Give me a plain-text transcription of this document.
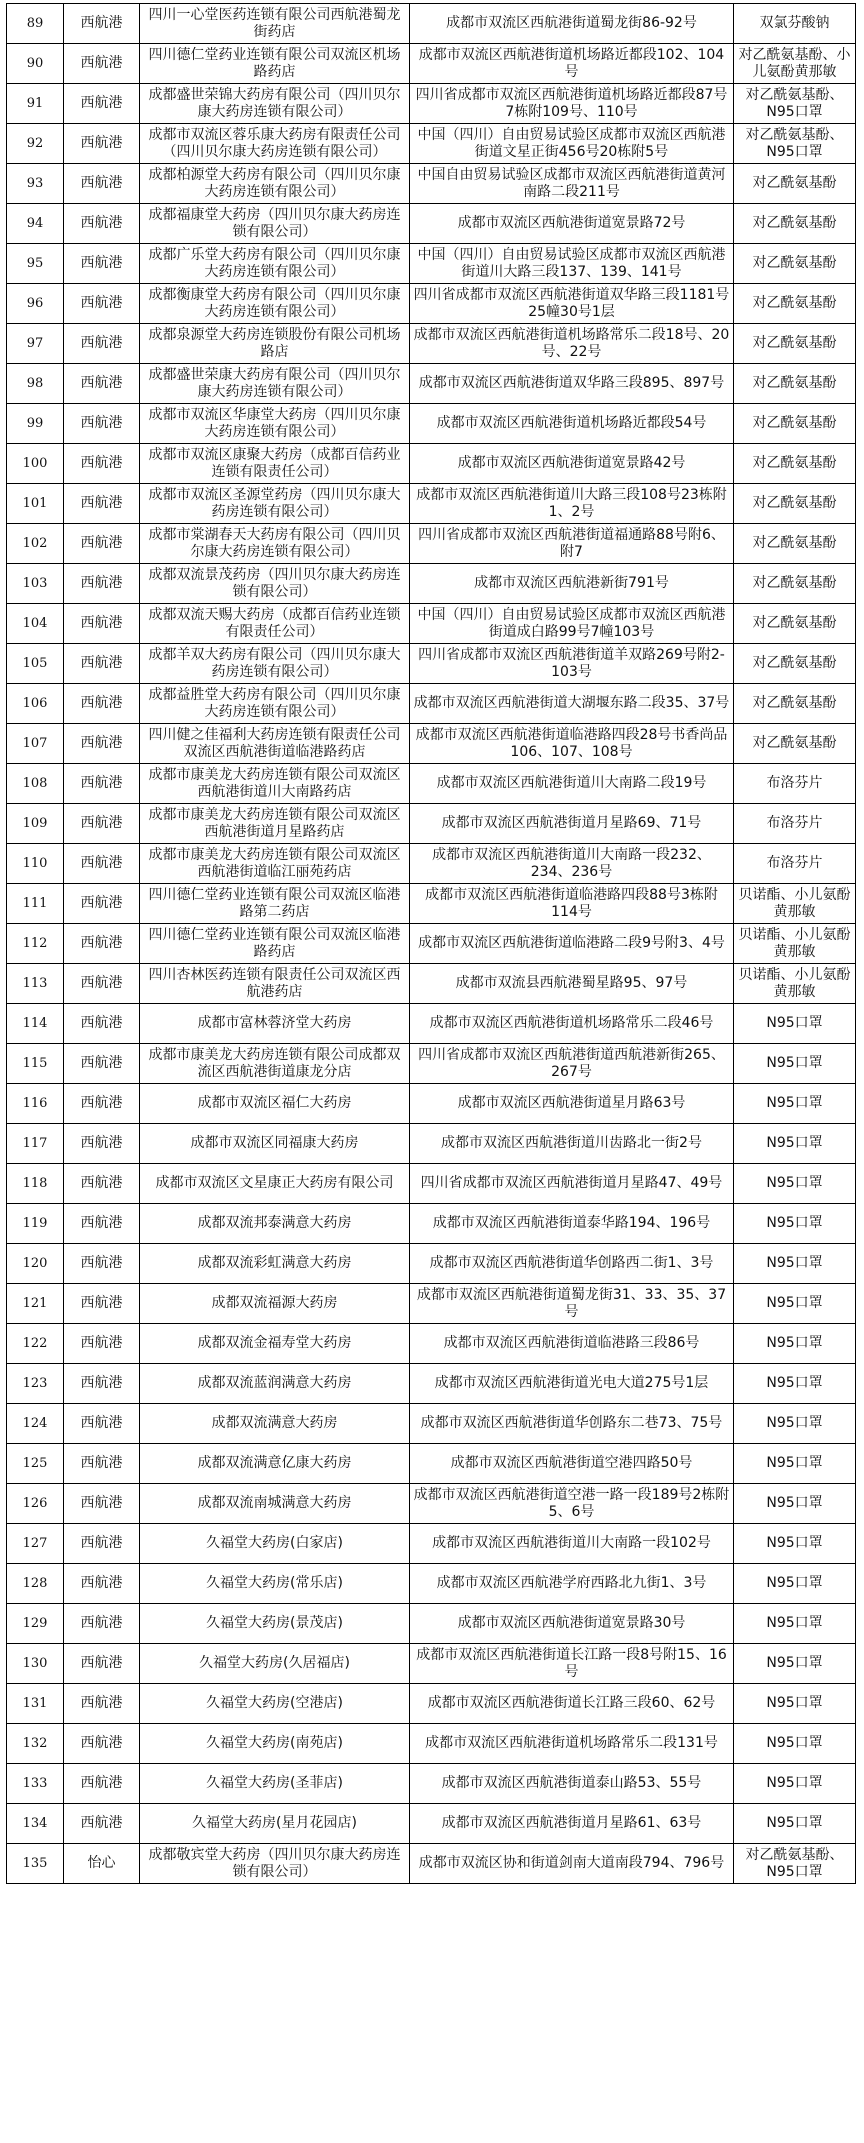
89	西航港	四川一心堂医药连锁有限公司西航港蜀龙街药店	成都市双流区西航港街道蜀龙街86-92号	双氯芬酸钠
90	西航港	四川德仁堂药业连锁有限公司双流区机场路药店	成都市双流区西航港街道机场路近都段102、104号	对乙酰氨基酚、小儿氨酚黄那敏
91	西航港	成都盛世荣锦大药房有限公司（四川贝尔康大药房连锁有限公司）	四川省成都市双流区西航港街道机场路近都段87号7栋附109号、110号	对乙酰氨基酚、N95口罩
92	西航港	成都市双流区蓉乐康大药房有限责任公司（四川贝尔康大药房连锁有限公司）	中国（四川）自由贸易试验区成都市双流区西航港街道文星正街456号20栋附5号	对乙酰氨基酚、N95口罩
93	西航港	成都柏源堂大药房有限公司（四川贝尔康大药房连锁有限公司）	中国自由贸易试验区成都市双流区西航港街道黄河南路二段211号	对乙酰氨基酚
94	西航港	成都福康堂大药房（四川贝尔康大药房连锁有限公司）	成都市双流区西航港街道宽景路72号	对乙酰氨基酚
95	西航港	成都广乐堂大药房有限公司（四川贝尔康大药房连锁有限公司）	中国（四川）自由贸易试验区成都市双流区西航港街道川大路三段137、139、141号	对乙酰氨基酚
96	西航港	成都衡康堂大药房有限公司（四川贝尔康大药房连锁有限公司）	四川省成都市双流区西航港街道双华路三段1181号25幢30号1层	对乙酰氨基酚
97	西航港	成都泉源堂大药房连锁股份有限公司机场路店	成都市双流区西航港街道机场路常乐二段18号、20号、22号	对乙酰氨基酚
98	西航港	成都盛世荣康大药房有限公司（四川贝尔康大药房连锁有限公司）	成都市双流区西航港街道双华路三段895、897号	对乙酰氨基酚
99	西航港	成都市双流区华康堂大药房（四川贝尔康大药房连锁有限公司）	成都市双流区西航港街道机场路近都段54号	对乙酰氨基酚
100	西航港	成都市双流区康聚大药房（成都百信药业连锁有限责任公司）	成都市双流区西航港街道宽景路42号	对乙酰氨基酚
101	西航港	成都市双流区圣源堂药房（四川贝尔康大药房连锁有限公司）	成都市双流区西航港街道川大路三段108号23栋附1、2号	对乙酰氨基酚
102	西航港	成都市棠湖春天大药房有限公司（四川贝尔康大药房连锁有限公司）	四川省成都市双流区西航港街道福通路88号附6、附7	对乙酰氨基酚
103	西航港	成都双流景茂药房（四川贝尔康大药房连锁有限公司）	成都市双流区西航港新街791号	对乙酰氨基酚
104	西航港	成都双流天赐大药房（成都百信药业连锁有限责任公司）	中国（四川）自由贸易试验区成都市双流区西航港街道成白路99号7幢103号	对乙酰氨基酚
105	西航港	成都羊双大药房有限公司（四川贝尔康大药房连锁有限公司）	四川省成都市双流区西航港街道羊双路269号附2-103号	对乙酰氨基酚
106	西航港	成都益胜堂大药房有限公司（四川贝尔康大药房连锁有限公司）	成都市双流区西航港街道大湖堰东路二段35、37号	对乙酰氨基酚
107	西航港	四川健之佳福利大药房连锁有限责任公司双流区西航港街道临港路药店	成都市双流区西航港街道临港路四段28号书香尚品106、107、108号	对乙酰氨基酚
108	西航港	成都市康美龙大药房连锁有限公司双流区西航港街道川大南路药店	成都市双流区西航港街道川大南路二段19号	布洛芬片
109	西航港	成都市康美龙大药房连锁有限公司双流区西航港街道月星路药店	成都市双流区西航港街道月星路69、71号	布洛芬片
110	西航港	成都市康美龙大药房连锁有限公司双流区西航港街道临江丽苑药店	成都市双流区西航港街道川大南路一段232、234、236号	布洛芬片
111	西航港	四川德仁堂药业连锁有限公司双流区临港路第二药店	成都市双流区西航港街道临港路四段88号3栋附114号	贝诺酯、小儿氨酚黄那敏
112	西航港	四川德仁堂药业连锁有限公司双流区临港路药店	成都市双流区西航港街道临港路二段9号附3、4号	贝诺酯、小儿氨酚黄那敏
113	西航港	四川杏林医药连锁有限责任公司双流区西航港药店	成都市双流县西航港蜀星路95、97号	贝诺酯、小儿氨酚黄那敏
114	西航港	成都市富林蓉济堂大药房	成都市双流区西航港街道机场路常乐二段46号	N95口罩
115	西航港	成都市康美龙大药房连锁有限公司成都双流区西航港街道康龙分店	四川省成都市双流区西航港街道西航港新街265、267号	N95口罩
116	西航港	成都市双流区福仁大药房	成都市双流区西航港街道星月路63号	N95口罩
117	西航港	成都市双流区同福康大药房	成都市双流区西航港街道川齿路北一街2号	N95口罩
118	西航港	成都市双流区文星康正大药房有限公司	四川省成都市双流区西航港街道月星路47、49号	N95口罩
119	西航港	成都双流邦泰满意大药房	成都市双流区西航港街道泰华路194、196号	N95口罩
120	西航港	成都双流彩虹满意大药房	成都市双流区西航港街道华创路西二街1、3号	N95口罩
121	西航港	成都双流福源大药房	成都市双流区西航港街道蜀龙街31、33、35、37号	N95口罩
122	西航港	成都双流金福寿堂大药房	成都市双流区西航港街道临港路三段86号	N95口罩
123	西航港	成都双流蓝润满意大药房	成都市双流区西航港街道光电大道275号1层	N95口罩
124	西航港	成都双流满意大药房	成都市双流区西航港街道华创路东二巷73、75号	N95口罩
125	西航港	成都双流满意亿康大药房	成都市双流区西航港街道空港四路50号	N95口罩
126	西航港	成都双流南城满意大药房	成都市双流区西航港街道空港一路一段189号2栋附5、6号	N95口罩
127	西航港	久福堂大药房(白家店)	成都市双流区西航港街道川大南路一段102号	N95口罩
128	西航港	久福堂大药房(常乐店)	成都市双流区西航港学府西路北九街1、3号	N95口罩
129	西航港	久福堂大药房(景茂店)	成都市双流区西航港街道宽景路30号	N95口罩
130	西航港	久福堂大药房(久居福店)	成都市双流区西航港街道长江路一段8号附15、16号	N95口罩
131	西航港	久福堂大药房(空港店)	成都市双流区西航港街道长江路三段60、62号	N95口罩
132	西航港	久福堂大药房(南苑店)	成都市双流区西航港街道机场路常乐二段131号	N95口罩
133	西航港	久福堂大药房(圣菲店)	成都市双流区西航港街道泰山路53、55号	N95口罩
134	西航港	久福堂大药房(星月花园店)	成都市双流区西航港街道月星路61、63号	N95口罩
135	怡心	成都敬宾堂大药房（四川贝尔康大药房连锁有限公司）	成都市双流区协和街道剑南大道南段794、796号	对乙酰氨基酚、N95口罩
